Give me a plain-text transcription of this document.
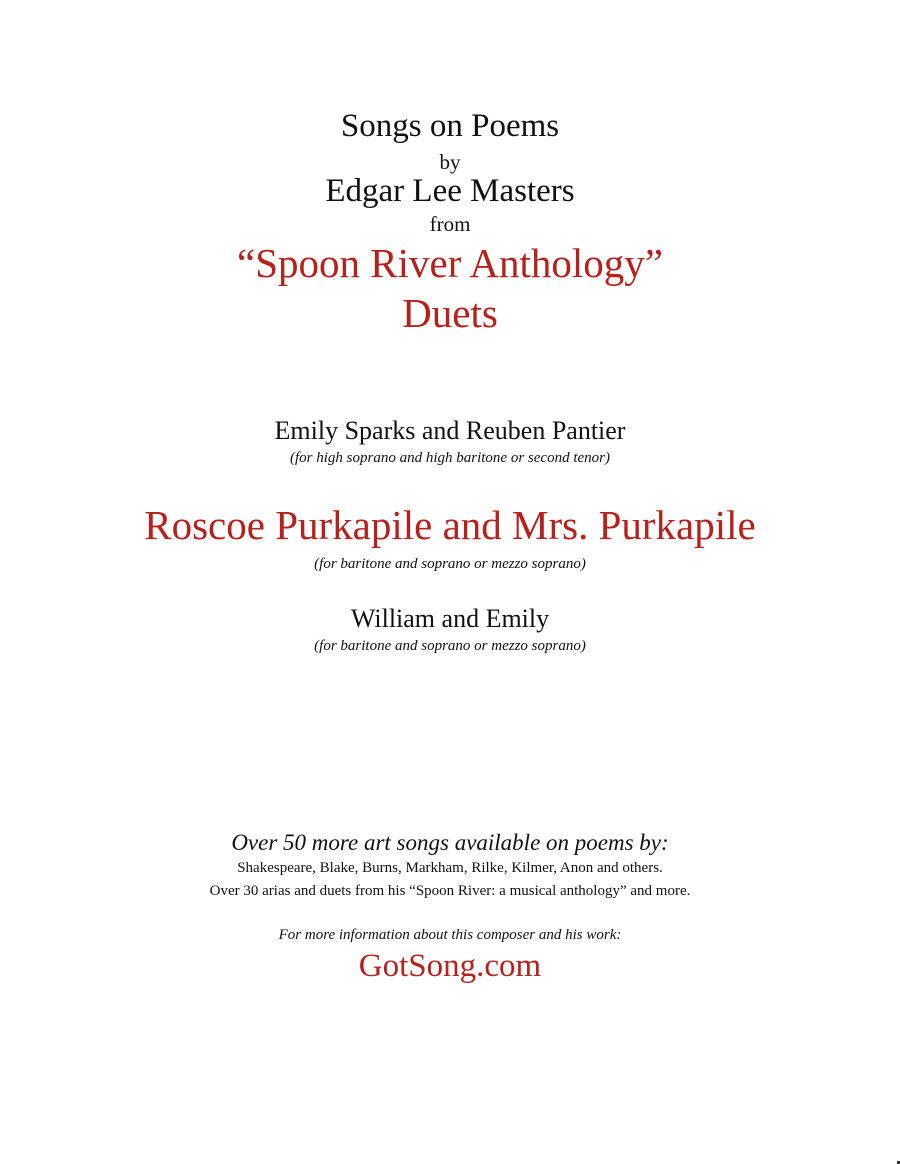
Songs on Poems
by
Edgar Lee Masters
from
“Spoon River Anthology”
Duets
Emily Sparks and Reuben Pantier
(for high soprano and high baritone or second tenor)
Roscoe Purkapile and Mrs. Purkapile
(for baritone and soprano or mezzo soprano)
William and Emily
(for baritone and soprano or mezzo soprano)
Over 50 more art songs available on poems by:
Shakespeare, Blake, Burns, Markham, Rilke, Kilmer, Anon and others.
Over 30 arias and duets from his “Spoon River: a musical anthology” and more.
For more information about this composer and his work:
GotSong.com
